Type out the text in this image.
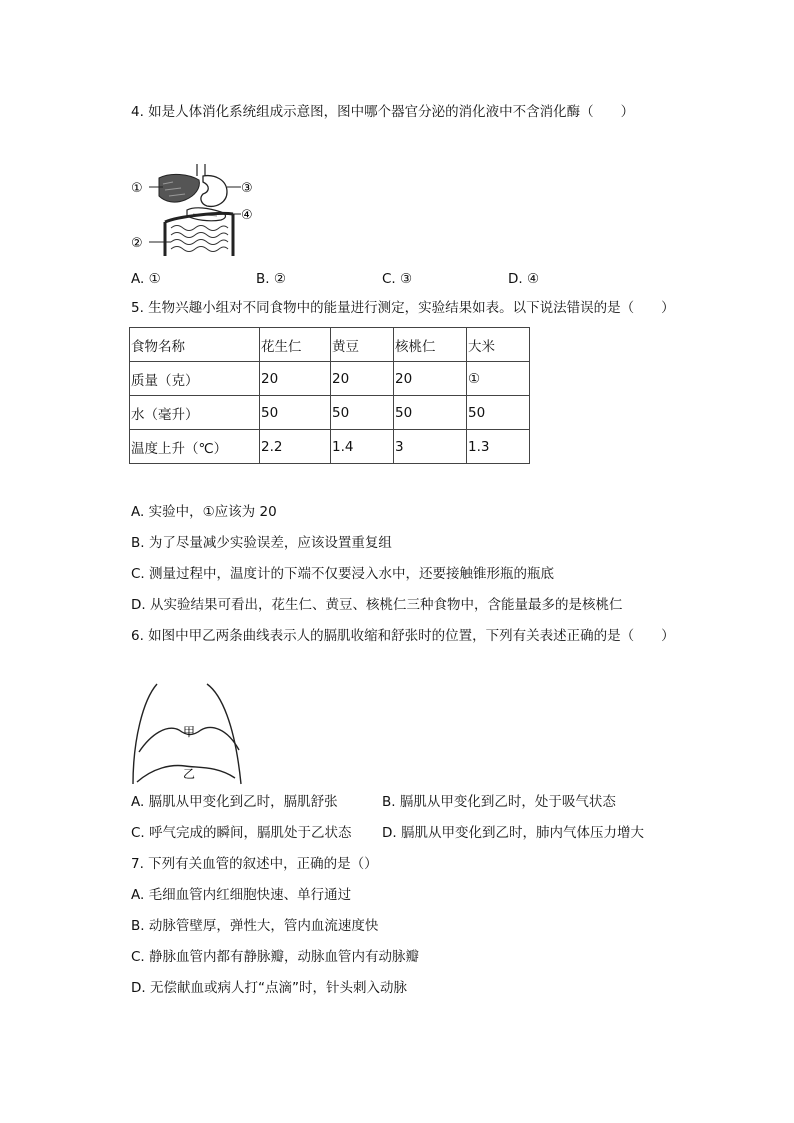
4. 如是人体消化系统组成示意图，图中哪个器官分泌的消化液中不含消化酶（　　）
①	③
④
②
A. ①	B. ②	C. ③	D. ④
5. 生物兴趣小组对不同食物中的能量进行测定，实验结果如表。以下说法错误的是（　　）
食物名称	花生仁	黄豆	核桃仁	大米
质量（克）	20	20	20	①
水（毫升）	50	50	50	50
温度上升（℃）	2.2	1.4	3	1.3
A. 实验中，①应该为 20
B. 为了尽量减少实验误差，应该设置重复组
C. 测量过程中，温度计的下端不仅要浸入水中，还要接触锥形瓶的瓶底
D. 从实验结果可看出，花生仁、黄豆、核桃仁三种食物中，含能量最多的是核桃仁
6. 如图中甲乙两条曲线表示人的膈肌收缩和舒张时的位置，下列有关表述正确的是（　　）
甲
乙
A. 膈肌从甲变化到乙时，膈肌舒张	B. 膈肌从甲变化到乙时，处于吸气状态
C. 呼气完成的瞬间，膈肌处于乙状态 D. 膈肌从甲变化到乙时，肺内气体压力增大
7. 下列有关血管的叙述中，正确的是（）
A. 毛细血管内红细胞快速、单行通过
B. 动脉管壁厚，弹性大，管内血流速度快
C. 静脉血管内都有静脉瓣，动脉血管内有动脉瓣
D. 无偿献血或病人打“点滴”时，针头刺入动脉
